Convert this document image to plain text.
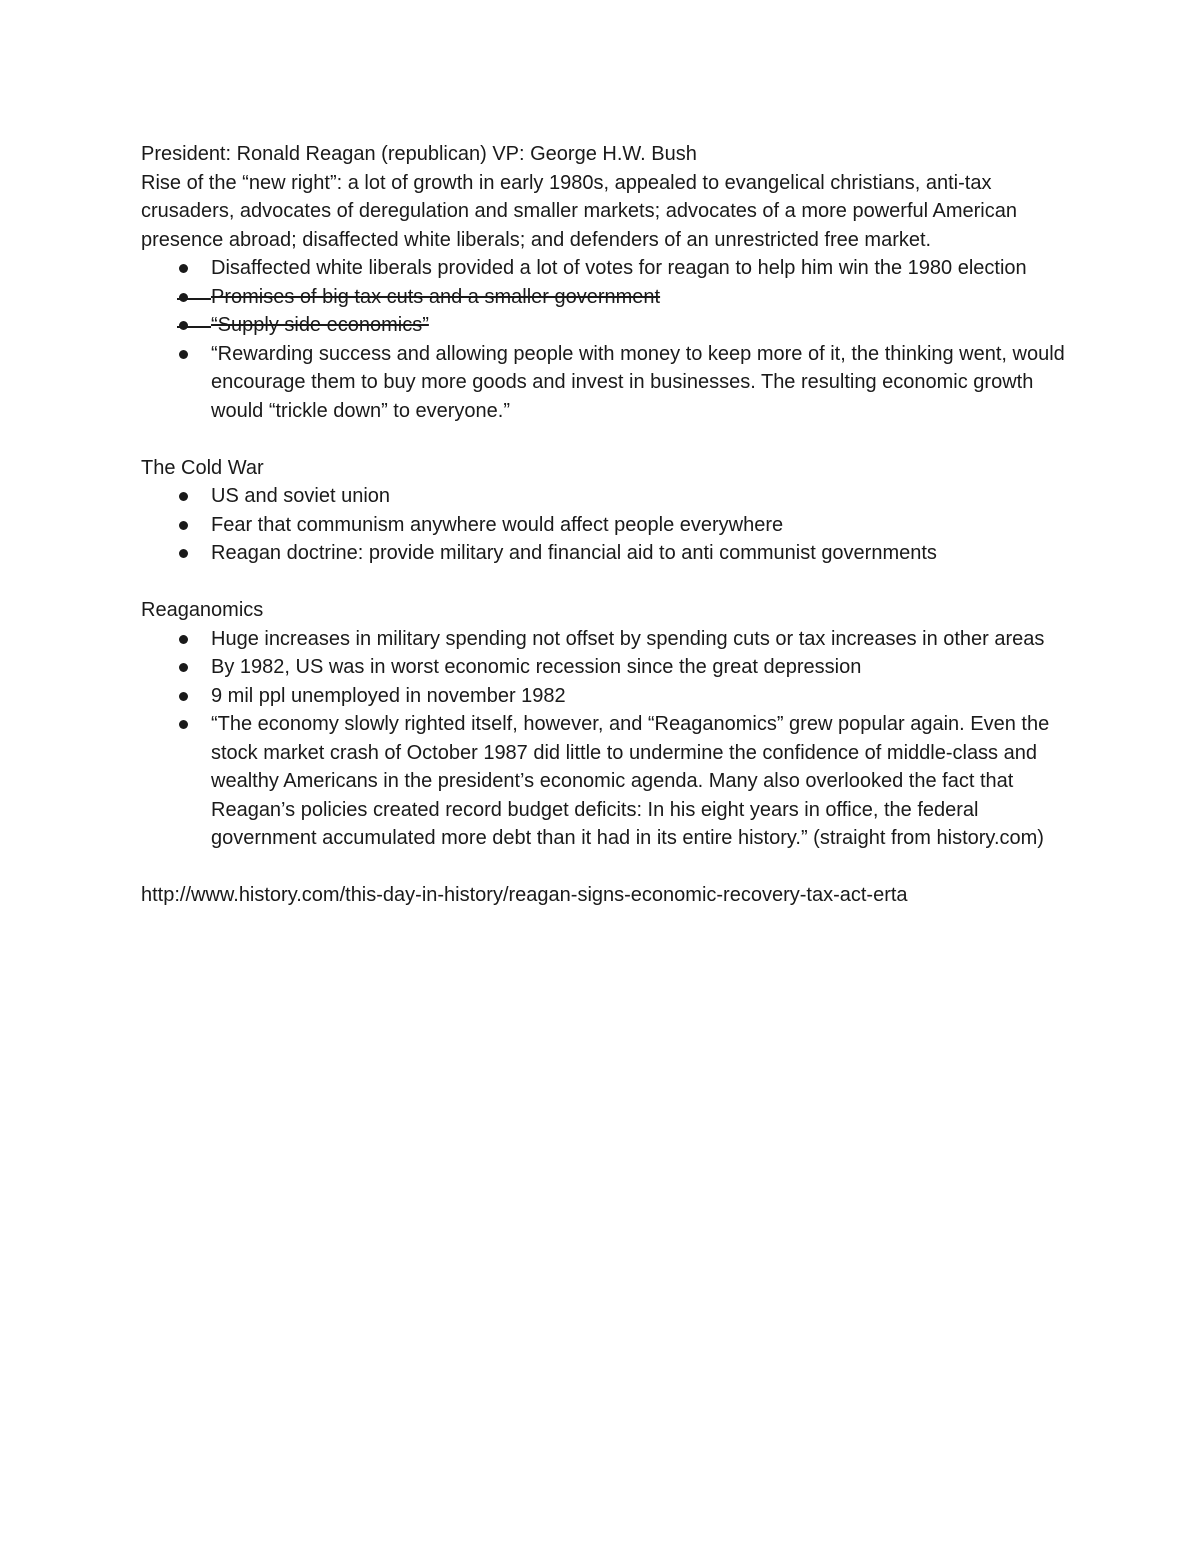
President: Ronald Reagan (republican) VP: George H.W. Bush

Rise of the “new right”: a lot of growth in early 1980s, appealed to evangelical christians, anti-tax crusaders, advocates of deregulation and smaller markets; advocates of a more powerful American presence abroad; disaffected white liberals; and defenders of an unrestricted free market.

Disaffected white liberals provided a lot of votes for reagan to help him win the 1980 election
Promises of big tax cuts and a smaller government
“Supply side economics”
“Rewarding success and allowing people with money to keep more of it, the thinking went, would encourage them to buy more goods and invest in businesses. The resulting economic growth would “trickle down” to everyone.”

The Cold War

US and soviet union
Fear that communism anywhere would affect people everywhere
Reagan doctrine: provide military and financial aid to anti communist governments

Reaganomics

Huge increases in military spending not offset by spending cuts or tax increases in other areas
By 1982, US was in worst economic recession since the great depression
9 mil ppl unemployed in november 1982
“The economy slowly righted itself, however, and “Reaganomics” grew popular again. Even the stock market crash of October 1987 did little to undermine the confidence of middle-class and wealthy Americans in the president’s economic agenda. Many also overlooked the fact that Reagan’s policies created record budget deficits: In his eight years in office, the federal government accumulated more debt than it had in its entire history.” (straight from history.com)

http://www.history.com/this-day-in-history/reagan-signs-economic-recovery-tax-act-erta
